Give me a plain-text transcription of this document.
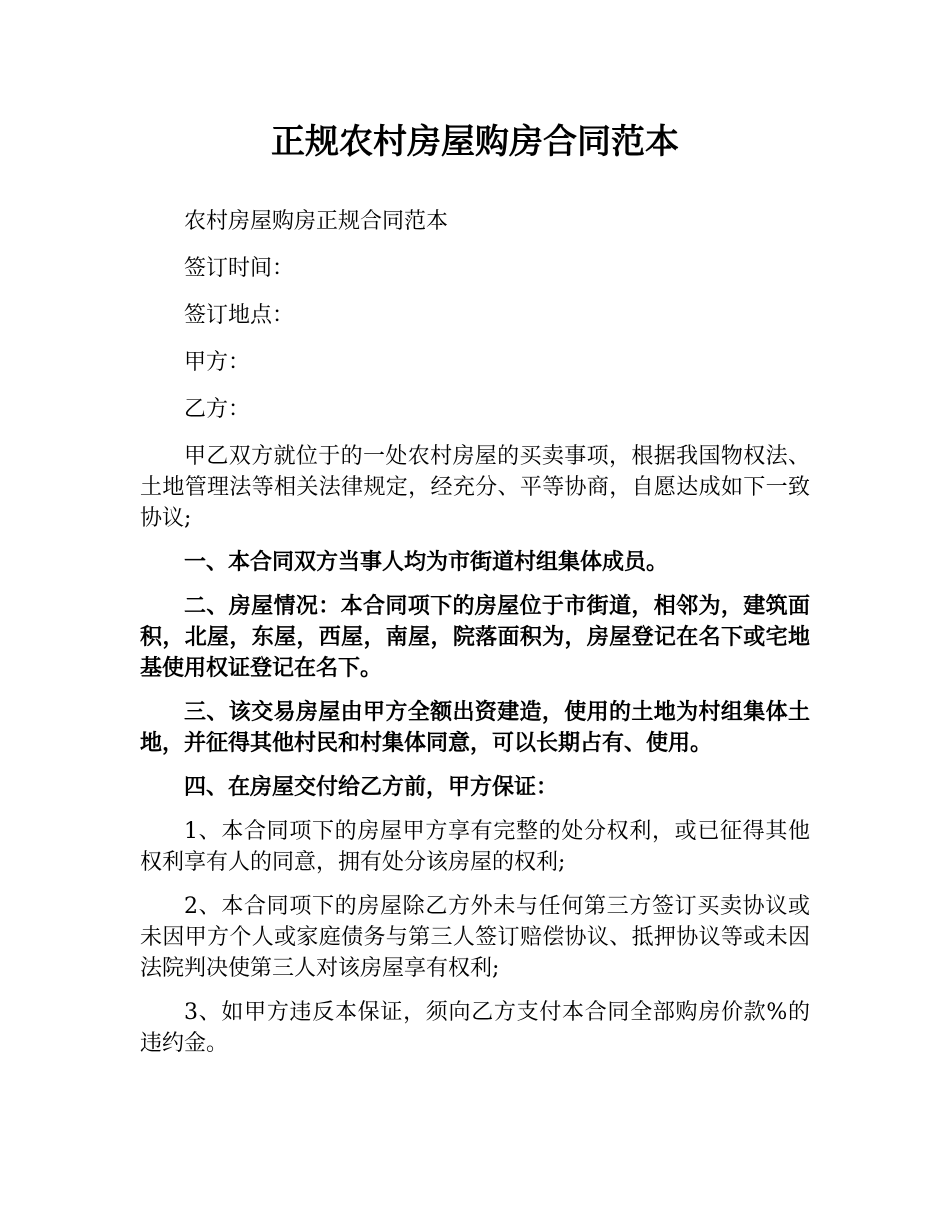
正规农村房屋购房合同范本

农村房屋购房正规合同范本

签订时间：

签订地点：

甲方：

乙方：

甲乙双方就位于的一处农村房屋的买卖事项，根据我国物权法、土地管理法等相关法律规定，经充分、平等协商，自愿达成如下一致协议;

一、本合同双方当事人均为市街道村组集体成员。

二、房屋情况：本合同项下的房屋位于市街道，相邻为，建筑面积，北屋，东屋，西屋，南屋，院落面积为，房屋登记在名下或宅地基使用权证登记在名下。

三、该交易房屋由甲方全额出资建造，使用的土地为村组集体土地，并征得其他村民和村集体同意，可以长期占有、使用。

四、在房屋交付给乙方前，甲方保证：

1、本合同项下的房屋甲方享有完整的处分权利，或已征得其他权利享有人的同意，拥有处分该房屋的权利;

2、本合同项下的房屋除乙方外未与任何第三方签订买卖协议或未因甲方个人或家庭债务与第三人签订赔偿协议、抵押协议等或未因法院判决使第三人对该房屋享有权利;

3、如甲方违反本保证，须向乙方支付本合同全部购房价款%的违约金。
